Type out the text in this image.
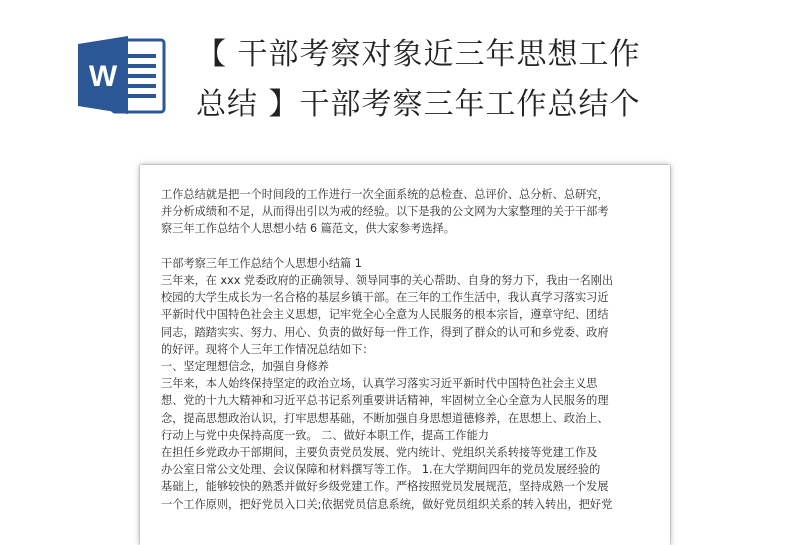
W
【 干部考察对象近三年思想工作
总结 】干部考察三年工作总结个

工作总结就是把一个时间段的工作进行一次全面系统的总检查、总评价、总分析、总研究，

并分析成绩和不足，从而得出引以为戒的经验。以下是我的公文网为大家整理的关于干部考

察三年工作总结个人思想小结 6 篇范文，供大家参考选择。

干部考察三年工作总结个人思想小结篇 1

三年来，在 xxx 党委政府的正确领导、领导同事的关心帮助、自身的努力下，我由一名刚出

校园的大学生成长为一名合格的基层乡镇干部。在三年的工作生活中，我认真学习落实习近

平新时代中国特色社会主义思想，记牢党全心全意为人民服务的根本宗旨，遵章守纪、团结

同志，踏踏实实、努力、用心、负责的做好每一件工作，得到了群众的认可和乡党委、政府

的好评。现将个人三年工作情况总结如下：

一、坚定理想信念，加强自身修养

三年来，本人始终保持坚定的政治立场，认真学习落实习近平新时代中国特色社会主义思

想、党的十九大精神和习近平总书记系列重要讲话精神，牢固树立全心全意为人民服务的理

念，提高思想政治认识，打牢思想基础，不断加强自身思想道德修养，在思想上、政治上、

行动上与党中央保持高度一致。 二、做好本职工作，提高工作能力

在担任乡党政办干部期间，主要负责党员发展、党内统计、党组织关系转接等党建工作及

办公室日常公文处理、会议保障和材料撰写等工作。 1.在大学期间四年的党员发展经验的

基础上，能够较快的熟悉并做好乡级党建工作。严格按照党员发展规范，坚持成熟一个发展

一个工作原则，把好党员入口关;依据党员信息系统，做好党员组织关系的转入转出，把好党
